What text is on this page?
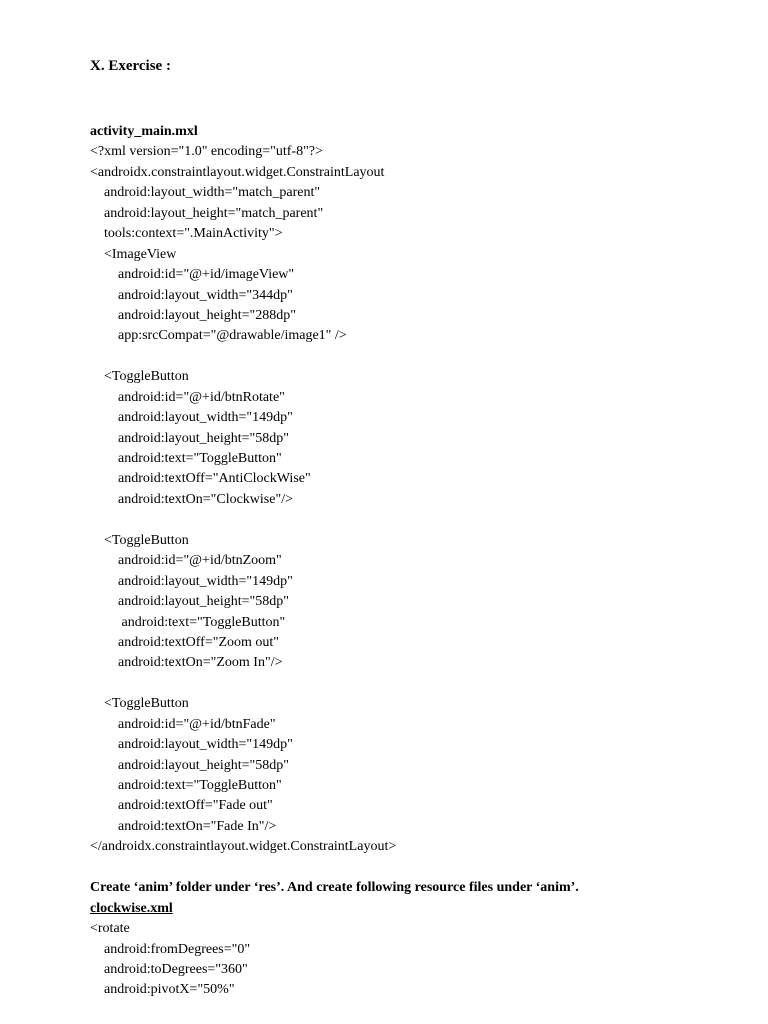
X. Exercise :

activity_main.mxl
<?xml version="1.0" encoding="utf-8"?>
<androidx.constraintlayout.widget.ConstraintLayout
android:layout_width="match_parent"
android:layout_height="match_parent"
tools:context=".MainActivity">
<ImageView
android:id="@+id/imageView"
android:layout_width="344dp"
android:layout_height="288dp"
app:srcCompat="@drawable/image1" />
<ToggleButton
android:id="@+id/btnRotate"
android:layout_width="149dp"
android:layout_height="58dp"
android:text="ToggleButton"
android:textOff="AntiClockWise"
android:textOn="Clockwise"/>
<ToggleButton
android:id="@+id/btnZoom"
android:layout_width="149dp"
android:layout_height="58dp"
android:text="ToggleButton"
android:textOff="Zoom out"
android:textOn="Zoom In"/>
<ToggleButton
android:id="@+id/btnFade"
android:layout_width="149dp"
android:layout_height="58dp"
android:text="ToggleButton"
android:textOff="Fade out"
android:textOn="Fade In"/>
</androidx.constraintlayout.widget.ConstraintLayout>
Create ‘anim’ folder under ‘res’. And create following resource files under ‘anim’.
clockwise.xml
<rotate
android:fromDegrees="0"
android:toDegrees="360"
android:pivotX="50%"
